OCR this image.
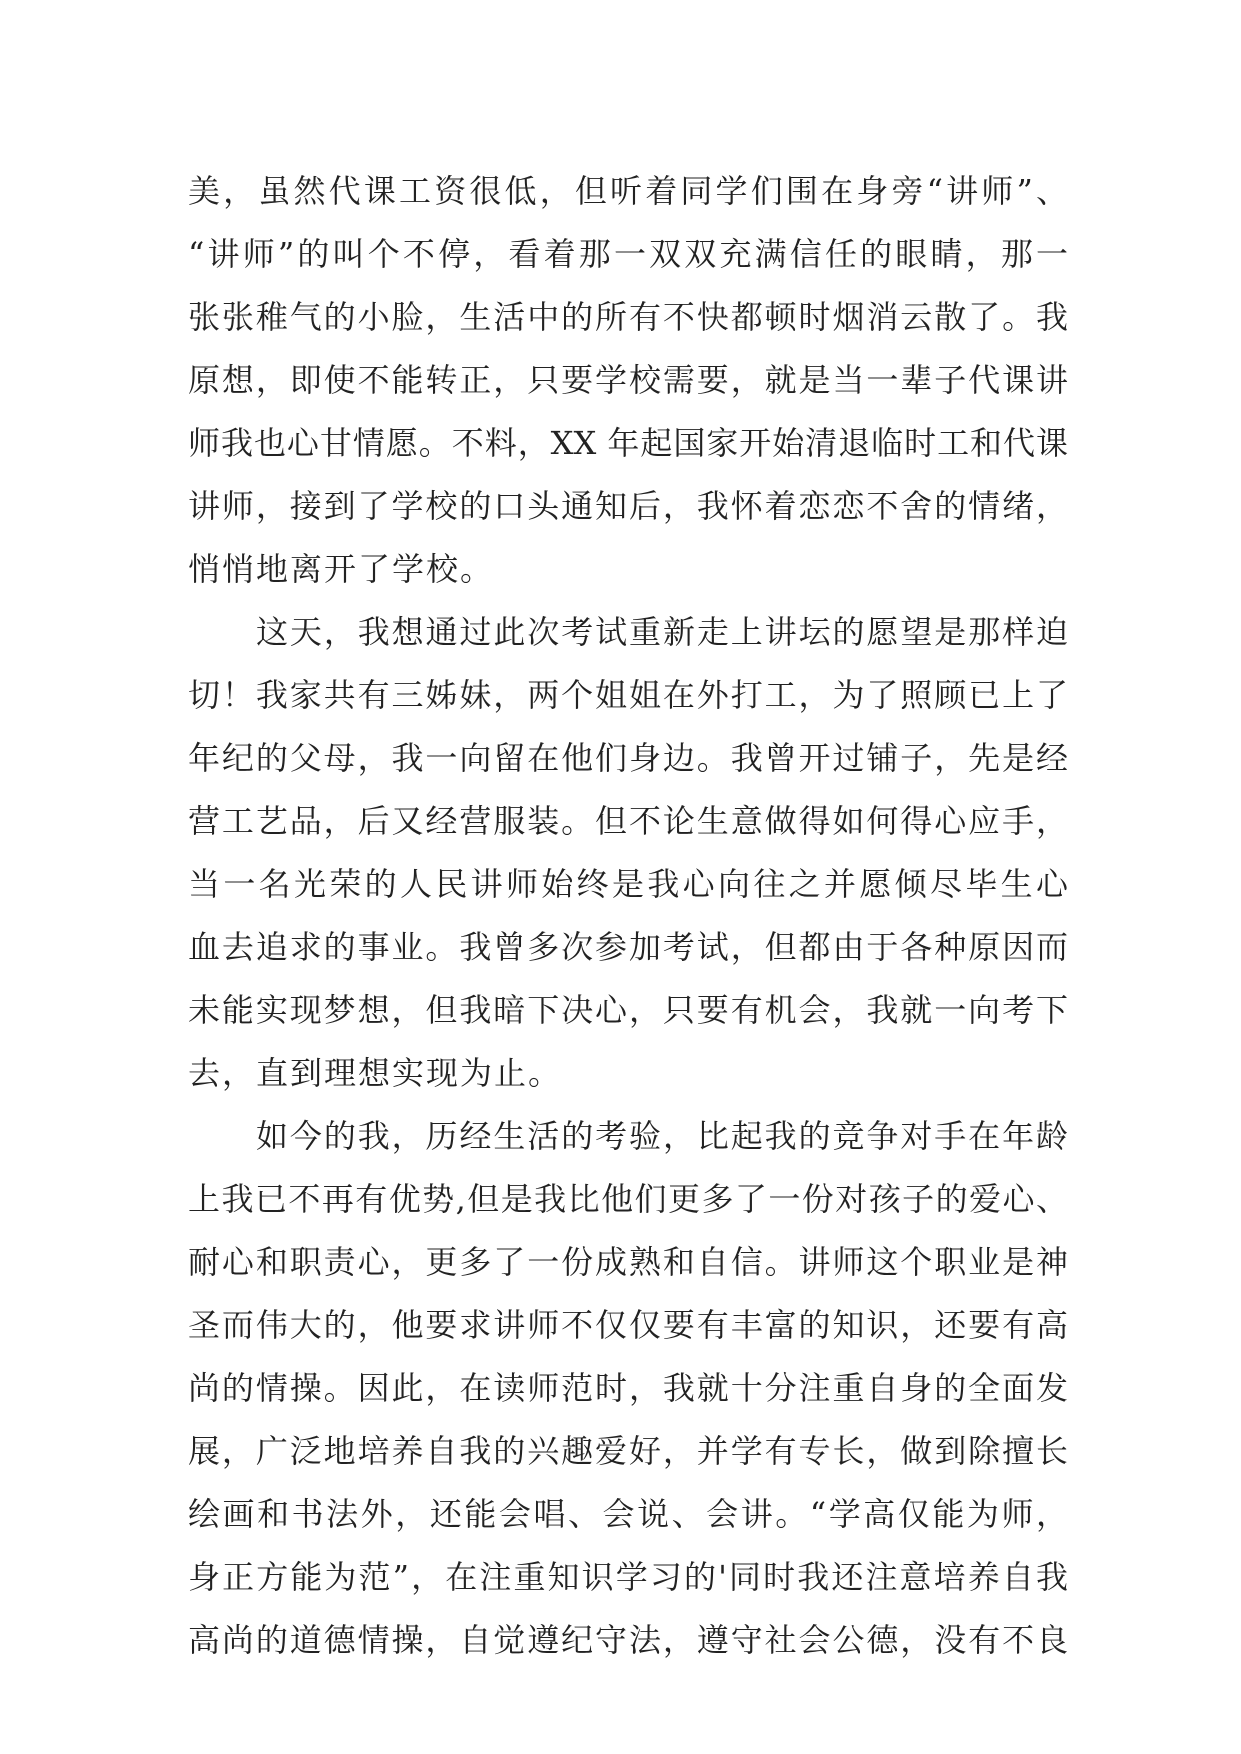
美，虽然代课工资很低，但听着同学们围在身旁“讲师”、
“讲师”的叫个不停，看着那一双双充满信任的眼睛，那一
张张稚气的小脸，生活中的所有不快都顿时烟消云散了。我
原想，即使不能转正，只要学校需要，就是当一辈子代课讲
师我也心甘情愿。不料，XX 年起国家开始清退临时工和代课
讲师，接到了学校的口头通知后，我怀着恋恋不舍的情绪，
悄悄地离开了学校。
这天，我想通过此次考试重新走上讲坛的愿望是那样迫
切！我家共有三姊妹，两个姐姐在外打工，为了照顾已上了
年纪的父母，我一向留在他们身边。我曾开过铺子，先是经
营工艺品，后又经营服装。但不论生意做得如何得心应手，
当一名光荣的人民讲师始终是我心向往之并愿倾尽毕生心
血去追求的事业。我曾多次参加考试，但都由于各种原因而
未能实现梦想，但我暗下决心，只要有机会，我就一向考下
去，直到理想实现为止。
如今的我，历经生活的考验，比起我的竞争对手在年龄
上我已不再有优势,但是我比他们更多了一份对孩子的爱心、
耐心和职责心，更多了一份成熟和自信。讲师这个职业是神
圣而伟大的，他要求讲师不仅仅要有丰富的知识，还要有高
尚的情操。因此，在读师范时，我就十分注重自身的全面发
展，广泛地培养自我的兴趣爱好，并学有专长，做到除擅长
绘画和书法外，还能会唱、会说、会讲。“学高仅能为师，
身正方能为范”，在注重知识学习的'同时我还注意培养自我
高尚的道德情操，自觉遵纪守法，遵守社会公德，没有不良
